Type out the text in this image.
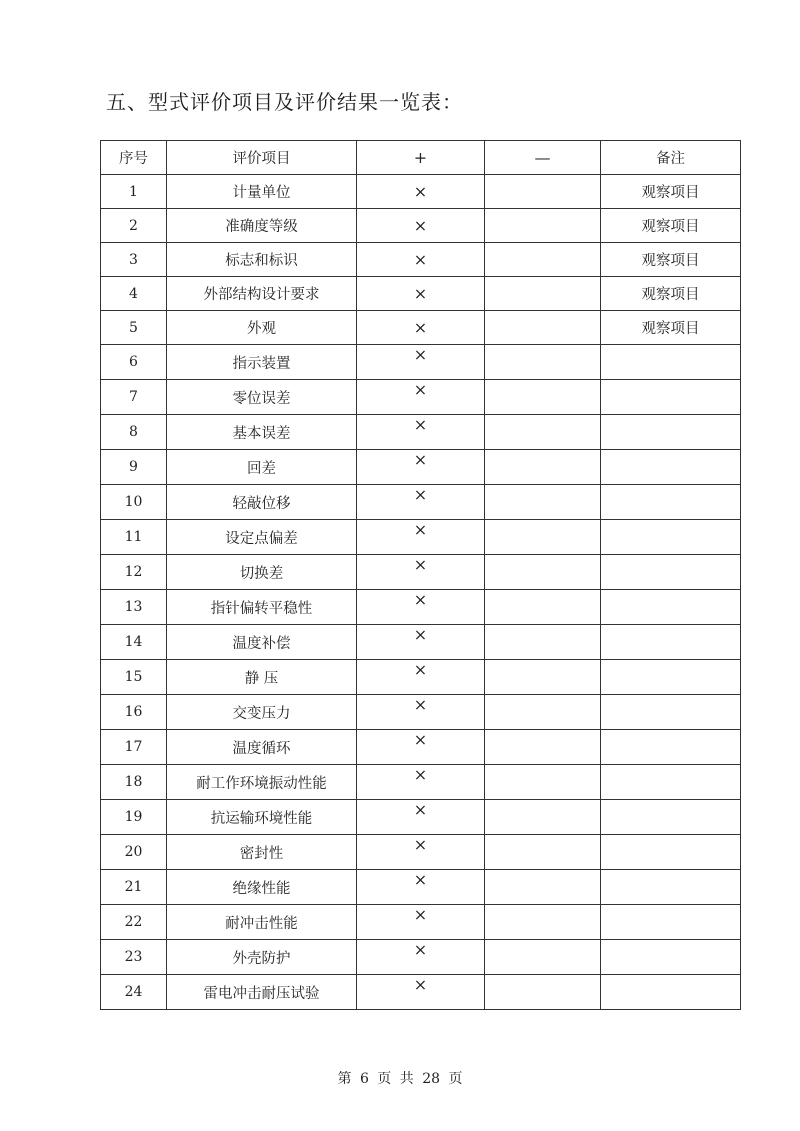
五、型式评价项目及评价结果一览表：
序号	评价项目	+	—	备注
1	计量单位	×		观察项目
2	准确度等级	×		观察项目
3	标志和标识	×		观察项目
4	外部结构设计要求	×		观察项目
5	外观	×		观察项目
6	指示装置	×		
7	零位误差	×		
8	基本误差	×		
9	回差	×		
10	轻敲位移	×		
11	设定点偏差	×		
12	切换差	×		
13	指针偏转平稳性	×		
14	温度补偿	×		
15	静 压	×		
16	交变压力	×		
17	温度循环	×		
18	耐工作环境振动性能	×		
19	抗运输环境性能	×		
20	密封性	×		
21	绝缘性能	×		
22	耐冲击性能	×		
23	外壳防护	×		
24	雷电冲击耐压试验	×		
第 6 页 共 28 页
